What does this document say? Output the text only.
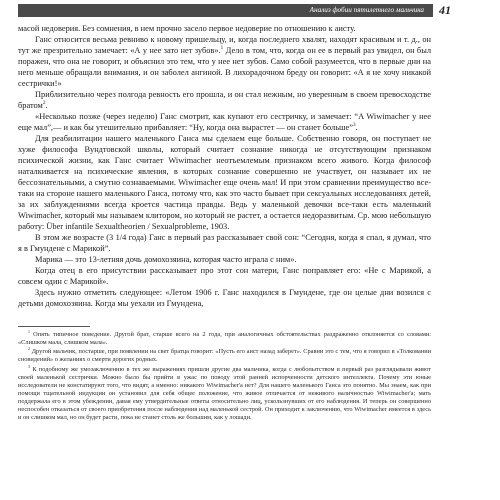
Анализ фобии пятилетнего мальчика 41

масой недоверия. Без сомнения, в нем прочно засело первое недоверие по отношению к аисту.

Ганс относится весьма ревниво к новому пришельцу, и, когда последнего хвалят, находят красивым и т. д., он тут же презрительно замечает: «А у нее зато нет зубов».$^1$ Дело в том, что, когда он ее в первый раз увидел, он был поражен, что она не говорит, и объяснил это тем, что у нее нет зубов. Само собой разумеется, что в первые дни на него меньше обращали внимания, и он заболел ангиной. В лихорадочном бреду он говорит: «А я не хочу никакой сестрички!»

Приблизительно через полгода ревность его прошла, и он стал нежным, но уверенным в своем превосходстве братом$^2$.

«Несколько позже (через неделю) Ганс смотрит, как купают его сестричку, и замечает: “A Wiwimacher у нее еще мал”,— и как бы утешительно прибавляет: “Ну, когда она вырастет — он станет больше”$^3$.

Для реабилитации нашего маленького Ганса мы сделаем еще больше. Собственно говоря, он поступает не хуже философа Вундтовской школы, который считает сознание никогда не отсутствующим признаком психической жизни, как Ганс считает Wiwimacher неотъемлемым признаком всего живого. Когда философ наталкивается на психические явления, в которых сознание совершенно не участвует, он называет их не бессознательными, а смутно сознаваемыми. Wiwimacher еще очень мал! И при этом сравнении преимущество все-таки на стороне нашего маленького Ганса, потому что, как это часто бывает при сексуальных исследованиях детей, за их заблуждениями всегда кроется частица правды. Ведь у маленькой девочки все-таки есть маленький Wiwimacher, который мы называем клитором, но который не растет, а остается недоразвитым. Ср. мою небольшую работу: Über infantile Sexualtheorien / Sexualprobleme, 1903.

В этом же возрасте (3 1/4 года) Ганс в первый раз рассказывает свой сон: “Сегодня, когда я спал, я думал, что я в Гмундене с Марикой”.

Марика — это 13-летняя дочь домохозяина, которая часто играла с ним».

Когда отец в его присутствии рассказывает про этот сон матери, Ганс поправляет его: «Не с Марикой, а совсем один с Марикой».

Здесь нужно отметить следующее: «Летом 1906 г. Ганс находился в Гмундене, где он целые дни возился с детьми домохозяина. Когда мы уехали из Гмундена,

$^1$ Опять типичное поведение. Другой брат, старше всего на 2 года, при аналогичных обстоятельствах раздраженно отклоняется со словами: «Слишком мала, слишком мала».

$^2$ Другой мальчик, постарше, при появлении на свет братца говорит: «Пусть его аист назад заберет». Сравни это с тем, что я говорил в «Толковании сновидений» о желаниях о смерти дорогих родных.

$^3$ К подобному же умозаключению в тех же выражениях пришли другие два мальчика, когда с любопытством в первый раз разглядывали живот своей маленькой сестрички. Можно было бы прийти в ужас по поводу этой ранней испорченности детского интеллекта. Почему эти юные исследователи не констатируют того, что видят, а именно: никакого Wiwimacher'а нет? Для нашего маленького Ганса это понятно. Мы знаем, как при помощи тщательной индукции он установил для себя общее положение, что живое отличается от неживого наличностью Wiwimacher'а; мать поддержала его в этом убеждении, давая ему утвердительные ответы относительно лиц, ускользнувших от его наблюдения. И теперь он совершенно неспособен отказаться от своего приобретения после наблюдения над маленькой сестрой. Он приходит к заключению, что Wiwimacher имеется в здесь и он слишком мал, но он будет расти, пока не станет столь же большим, как у лошади.
